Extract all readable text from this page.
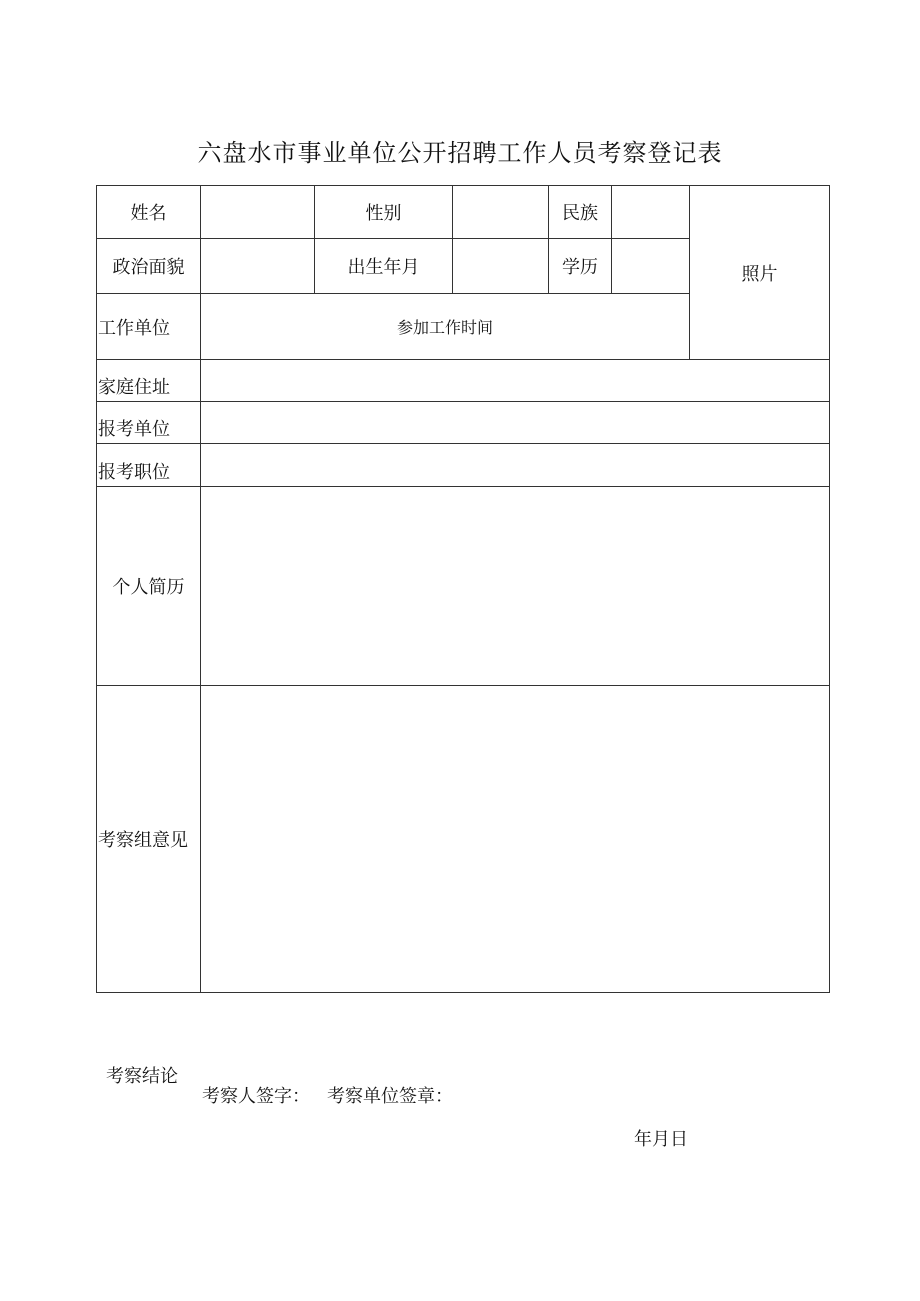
六盘水市事业单位公开招聘工作人员考察登记表
姓名		性别		民族		照片
政治面貌		出生年月		学历		
工作单位	参加工作时间					
家庭住址						
报考单位						
报考职位						
个人简历						
考察组意见						
考察结论
考察人签字： 考察单位签章：
年月日
